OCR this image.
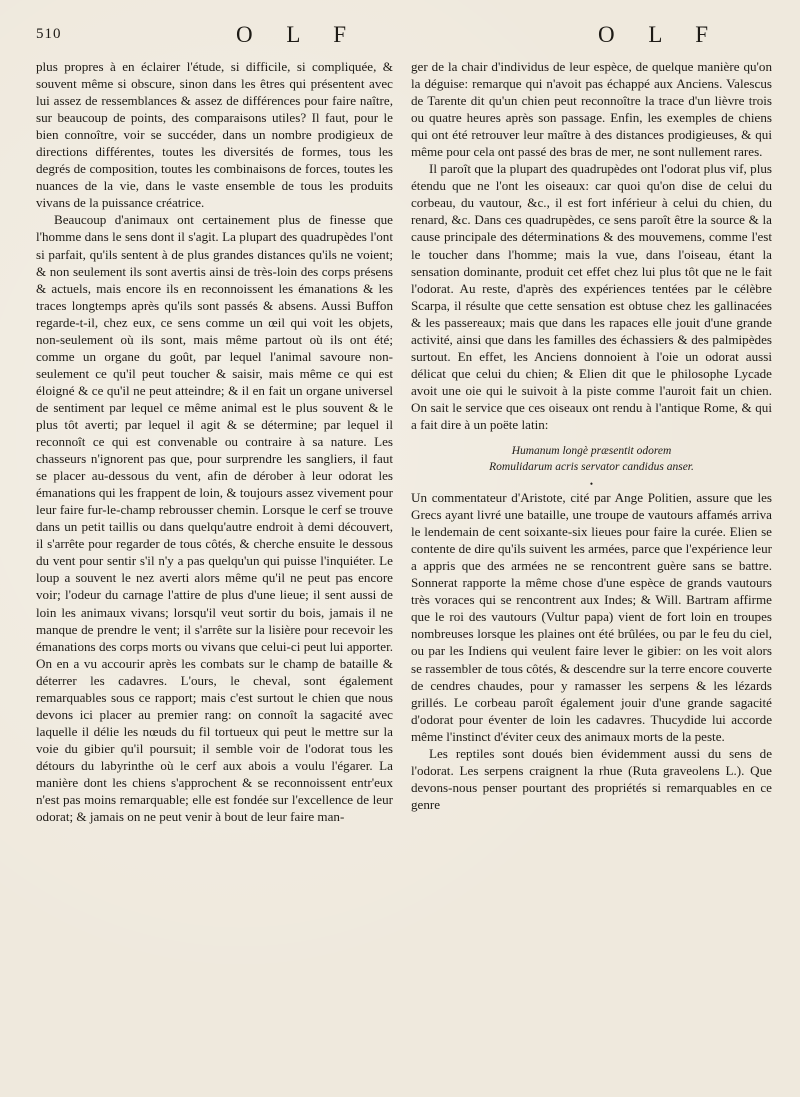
510	O L F	O L F

plus propres à en éclairer l'étude, si difficile, si compliquée, & souvent même si obscure, sinon dans les êtres qui présentent avec lui assez de ressemblances & assez de différences pour faire naître, sur beaucoup de points, des comparaisons utiles? Il faut, pour le bien connoître, voir se succéder, dans un nombre prodigieux de directions différentes, toutes les diversités de formes, tous les degrés de composition, toutes les combinaisons de forces, toutes les nuances de la vie, dans le vaste ensemble de tous les produits vivans de la puissance créatrice.

Beaucoup d'animaux ont certainement plus de finesse que l'homme dans le sens dont il s'agit. La plupart des quadrupèdes l'ont si parfait, qu'ils sentent à de plus grandes distances qu'ils ne voient; & non seulement ils sont avertis ainsi de très-loin des corps présens & actuels, mais encore ils en reconnoissent les émanations & les traces longtemps après qu'ils sont passés & absens. Aussi Buffon regarde-t-il, chez eux, ce sens comme un œil qui voit les objets, non-seulement où ils sont, mais même partout où ils ont été; comme un organe du goût, par lequel l'animal savoure non-seulement ce qu'il peut toucher & saisir, mais même ce qui est éloigné & ce qu'il ne peut atteindre; & il en fait un organe universel de sentiment par lequel ce même animal est le plus souvent & le plus tôt averti; par lequel il agit & se détermine; par lequel il reconnoît ce qui est convenable ou contraire à sa nature. Les chasseurs n'ignorent pas que, pour surprendre les sangliers, il faut se placer au-dessous du vent, afin de dérober à leur odorat les émanations qui les frappent de loin, & toujours assez vivement pour leur faire fur-le-champ rebrousser chemin. Lorsque le cerf se trouve dans un petit taillis ou dans quelqu'autre endroit à demi découvert, il s'arrête pour regarder de tous côtés, & cherche ensuite le dessous du vent pour sentir s'il n'y a pas quelqu'un qui puisse l'inquiéter. Le loup a souvent le nez averti alors même qu'il ne peut pas encore voir; l'odeur du carnage l'attire de plus d'une lieue; il sent aussi de loin les animaux vivans; lorsqu'il veut sortir du bois, jamais il ne manque de prendre le vent; il s'arrête sur la lisière pour recevoir les émanations des corps morts ou vivans que celui-ci peut lui apporter. On en a vu accourir après les combats sur le champ de bataille & déterrer les cadavres. L'ours, le cheval, sont également remarquables sous ce rapport; mais c'est surtout le chien que nous devons ici placer au premier rang: on connoît la sagacité avec laquelle il délie les nœuds du fil tortueux qui peut le mettre sur la voie du gibier qu'il poursuit; il semble voir de l'odorat tous les détours du labyrinthe où le cerf aux abois a voulu l'égarer. La manière dont les chiens s'approchent & se reconnoissent entr'eux n'est pas moins remarquable; elle est fondée sur l'excellence de leur odorat; & jamais on ne peut venir à bout de leur faire man-

ger de la chair d'individus de leur espèce, de quelque manière qu'on la déguise: remarque qui n'avoit pas échappé aux Anciens. Valescus de Tarente dit qu'un chien peut reconnoître la trace d'un lièvre trois ou quatre heures après son passage. Enfin, les exemples de chiens qui ont été retrouver leur maître à des distances prodigieuses, & qui même pour cela ont passé des bras de mer, ne sont nullement rares.

Il paroît que la plupart des quadrupèdes ont l'odorat plus vif, plus étendu que ne l'ont les oiseaux: car quoi qu'on dise de celui du corbeau, du vautour, &c., il est fort inférieur à celui du chien, du renard, &c. Dans ces quadrupèdes, ce sens paroît être la source & la cause principale des déterminations & des mouvemens, comme l'est le toucher dans l'homme; mais la vue, dans l'oiseau, étant la sensation dominante, produit cet effet chez lui plus tôt que ne le fait l'odorat. Au reste, d'après des expériences tentées par le célèbre Scarpa, il résulte que cette sensation est obtuse chez les gallinacées & les passereaux; mais que dans les rapaces elle jouit d'une grande activité, ainsi que dans les familles des échassiers & des palmipèdes surtout. En effet, les Anciens donnoient à l'oie un odorat aussi délicat que celui du chien; & Elien dit que le philosophe Lycade avoit une oie qui le suivoit à la piste comme l'auroit fait un chien. On sait le service que ces oiseaux ont rendu à l'antique Rome, & qui a fait dire à un poëte latin:

Humanum longè præsentit odorem
Romulidarum acris servator candidus anser.
•

Un commentateur d'Aristote, cité par Ange Politien, assure que les Grecs ayant livré une bataille, une troupe de vautours affamés arriva le lendemain de cent soixante-six lieues pour faire la curée. Elien se contente de dire qu'ils suivent les armées, parce que l'expérience leur a appris que des armées ne se rencontrent guère sans se battre. Sonnerat rapporte la même chose d'une espèce de grands vautours très voraces qui se rencontrent aux Indes; & Will. Bartram affirme que le roi des vautours (Vultur papa) vient de fort loin en troupes nombreuses lorsque les plaines ont été brûlées, ou par le feu du ciel, ou par les Indiens qui veulent faire lever le gibier: on les voit alors se rassembler de tous côtés, & descendre sur la terre encore couverte de cendres chaudes, pour y ramasser les serpens & les lézards grillés. Le corbeau paroît également jouir d'une grande sagacité d'odorat pour éventer de loin les cadavres. Thucydide lui accorde même l'instinct d'éviter ceux des animaux morts de la peste.

Les reptiles sont doués bien évidemment aussi du sens de l'odorat. Les serpens craignent la rhue (Ruta graveolens L.). Que devons-nous penser pourtant des propriétés si remarquables en ce genre
